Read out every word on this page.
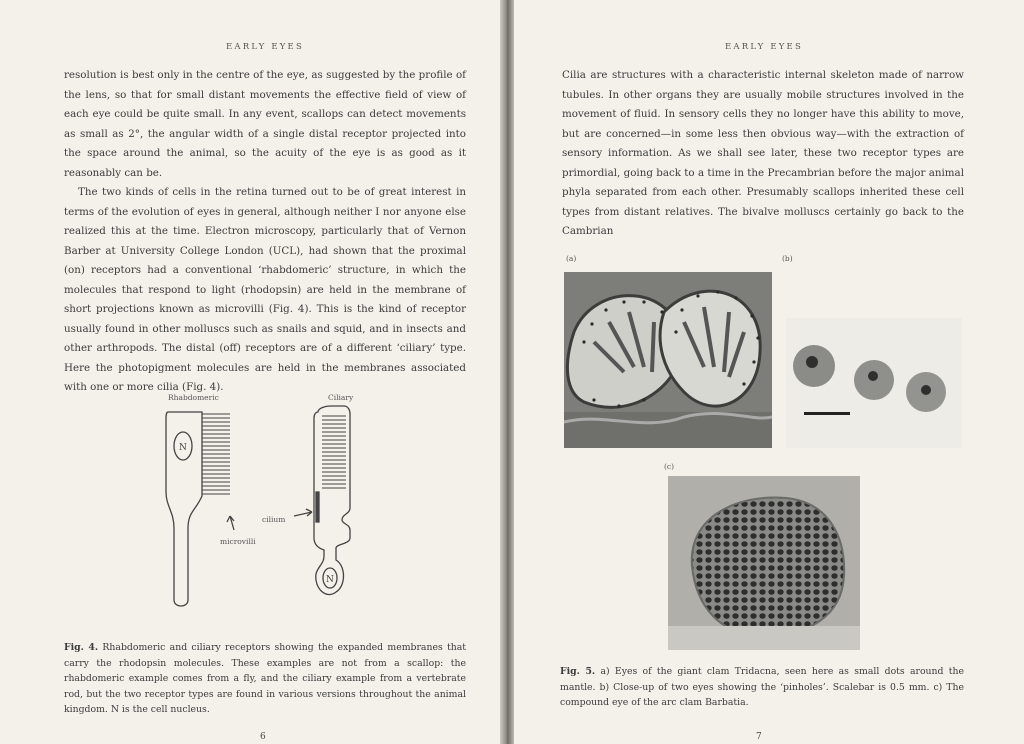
EARLY EYES

resolution is best only in the centre of the eye, as suggested by the profile of the lens, so that for small distant movements the effective field of view of each eye could be quite small. In any event, scallops can detect movements as small as 2°, the angular width of a single distal receptor projected into the space around the animal, so the acuity of the eye is as good as it reasonably can be.

The two kinds of cells in the retina turned out to be of great interest in terms of the evolution of eyes in general, although neither I nor anyone else realized this at the time. Electron microscopy, particularly that of Vernon Barber at University College London (UCL), had shown that the proximal (on) receptors had a conventional ‘rhabdomeric’ structure, in which the molecules that respond to light (rhodopsin) are held in the membrane of short projections known as microvilli (Fig. 4). This is the kind of receptor usually found in other molluscs such as snails and squid, and in insects and other arthropods. The distal (off) receptors are of a different ‘ciliary’ type. Here the photopigment molecules are held in the membranes associated with one or more cilia (Fig. 4).

N
N
Rhabdomeric	Ciliary
microvilli
cilium
Fig. 4. Rhabdomeric and ciliary receptors showing the expanded membranes that carry the rhodopsin molecules. These examples are not from a scallop: the rhabdomeric example comes from a fly, and the ciliary example from a vertebrate rod, but the two receptor types are found in various versions throughout the animal kingdom. N is the cell nucleus.
6
EARLY EYES

Cilia are structures with a characteristic internal skeleton made of narrow tubules. In other organs they are usually mobile structures involved in the movement of fluid. In sensory cells they no longer have this ability to move, but are concerned—in some less then obvious way—with the extraction of sensory information. As we shall see later, these two receptor types are primordial, going back to a time in the Precambrian before the major animal phyla separated from each other. Presumably scallops inherited these cell types from distant relatives. The bivalve molluscs certainly go back to the Cambrian

(a)	(b)
(c)
Fig. 5. a) Eyes of the giant clam Tridacna, seen here as small dots around the mantle. b) Close-up of two eyes showing the ‘pinholes’. Scalebar is 0.5 mm. c) The compound eye of the arc clam Barbatia.
7
